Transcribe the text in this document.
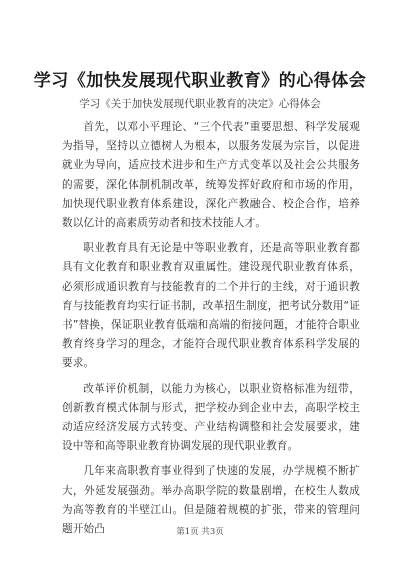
学习《加快发展现代职业教育》的心得体会

学习《关于加快发展现代职业教育的决定》心得体会

首先，以邓小平理论、“三个代表”重要思想、科学发展观为指导，坚持以立德树人为根本，以服务发展为宗旨，以促进就业为导向，适应技术进步和生产方式变革以及社会公共服务的需要，深化体制机制改革，统筹发挥好政府和市场的作用，加快现代职业教育体系建设，深化产教融合、校企合作，培养数以亿计的高素质劳动者和技术技能人才。

职业教育具有无论是中等职业教育，还是高等职业教育都具有文化教育和职业教育双重属性。建设现代职业教育体系，必须形成通识教育与技能教育的二个并行的主线，对于通识教育与技能教育均实行证书制，改革招生制度，把考试分数用“证书”替换，保证职业教育低端和高端的衔接问题，才能符合职业教育终身学习的理念，才能符合现代职业教育体系科学发展的要求。

改革评价机制，以能力为核心，以职业资格标准为纽带，创新教育模式体制与形式，把学校办到企业中去，高职学校主动适应经济发展方式转变、产业结构调整和社会发展要求，建设中等和高等职业教育协调发展的现代职业教育。

几年来高职教育事业得到了快速的发展，办学规模不断扩大，外延发展强劲。举办高职学院的数量剧增，在校生人数成为高等教育的半壁江山。但是随着规模的扩张，带来的管理问题开始凸	第1页 共3页
